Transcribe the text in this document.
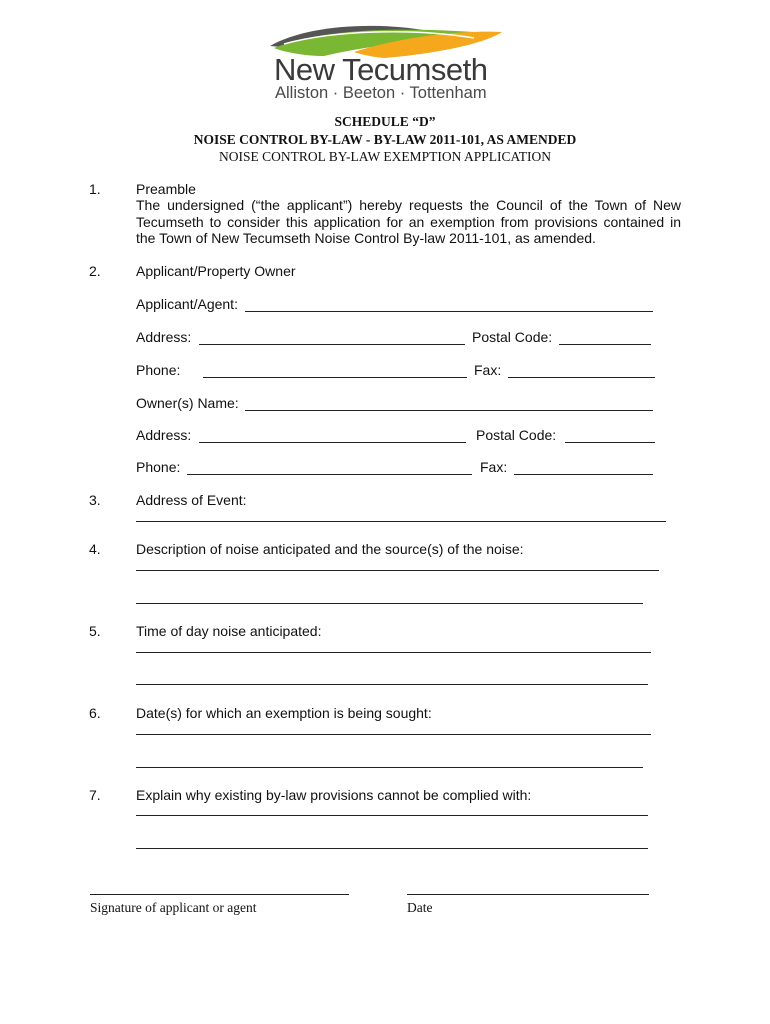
New Tecumseth
Alliston · Beeton · Tottenham
SCHEDULE “D”
NOISE CONTROL BY-LAW - BY-LAW 2011-101, AS AMENDED
NOISE CONTROL BY-LAW EXEMPTION APPLICATION
1.	Preamble
The undersigned (“the applicant”) hereby requests the Council of the Town of New Tecumseth to consider this application for an exemption from provisions contained in the Town of New Tecumseth Noise Control By-law 2011-101, as amended.
2.	Applicant/Property Owner
Applicant/Agent:
Address:	Postal Code:
Phone:	Fax:
Owner(s) Name:
Address:	Postal Code:
Phone:	Fax:
3.	Address of Event:
4.	Description of noise anticipated and the source(s) of the noise:
5.	Time of day noise anticipated:
6.	Date(s) for which an exemption is being sought:
7.	Explain why existing by-law provisions cannot be complied with:
Signature of applicant or agent	Date
